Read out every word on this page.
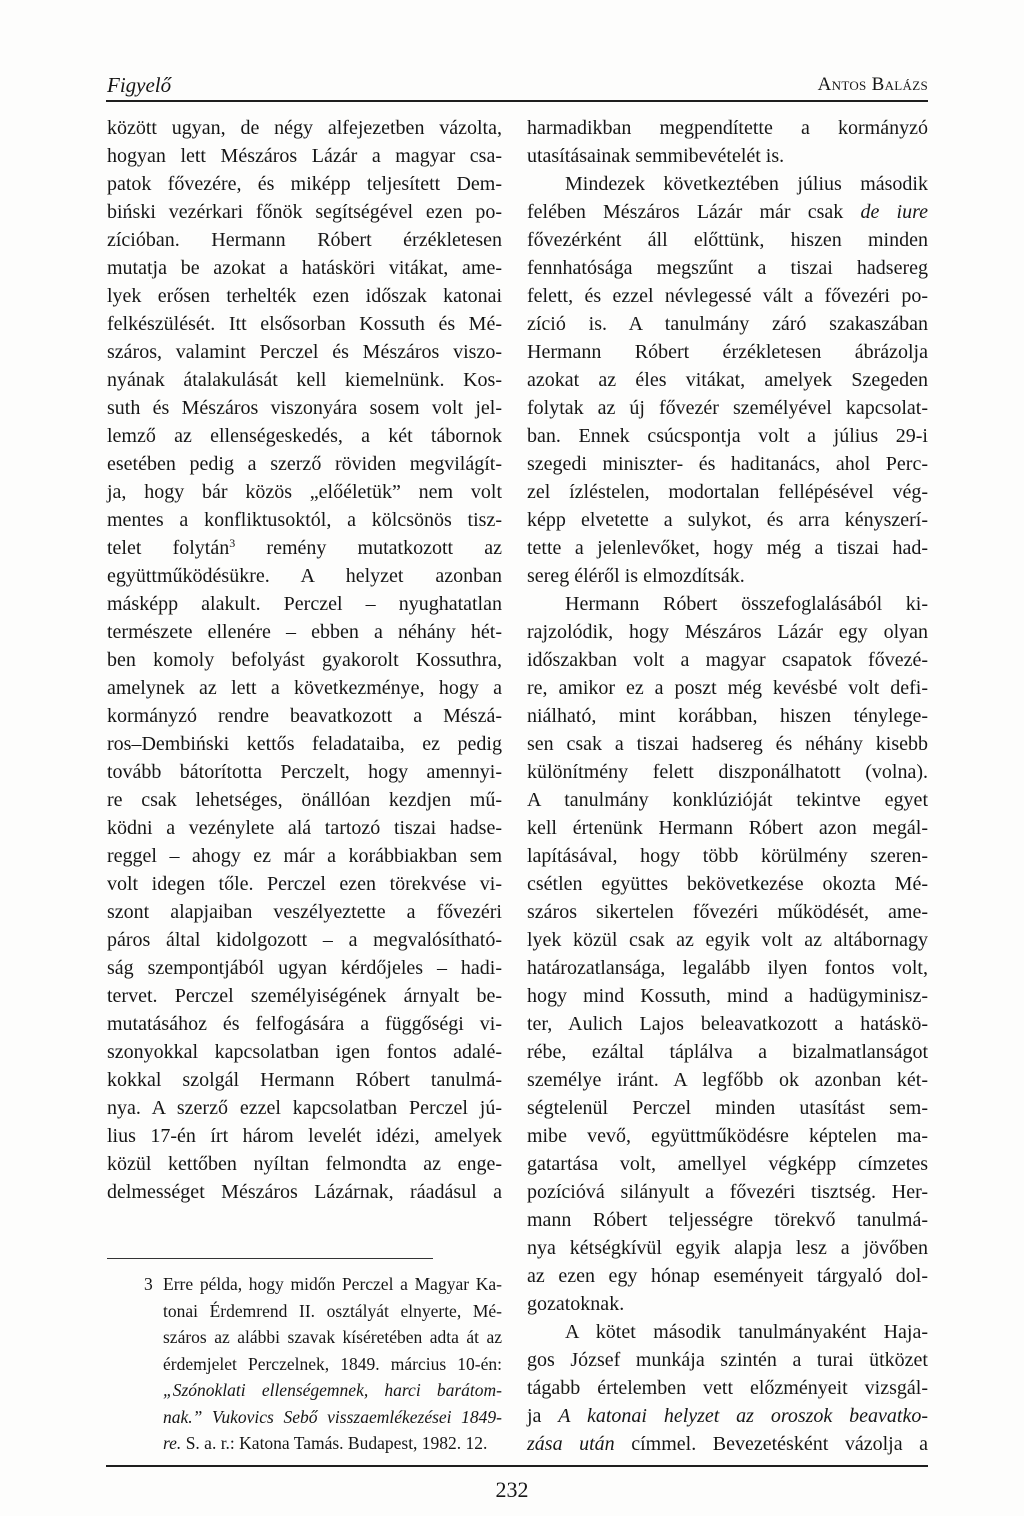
Figyelő	Antos Balázs
között ugyan, de négy alfejezetben vázolta,
hogyan lett Mészáros Lázár a magyar csa-
patok fővezére, és miképp teljesített Dem-
biński vezérkari főnök segítségével ezen po-
zícióban. Hermann Róbert érzékletesen
mutatja be azokat a hatásköri vitákat, ame-
lyek erősen terhelték ezen időszak katonai
felkészülését. Itt elsősorban Kossuth és Mé-
száros, valamint Perczel és Mészáros viszo-
nyának átalakulását kell kiemelnünk. Kos-
suth és Mészáros viszonyára sosem volt jel-
lemző az ellenségeskedés, a két tábornok
esetében pedig a szerző röviden megvilágít-
ja, hogy bár közös „előéletük” nem volt
mentes a konfliktusoktól, a kölcsönös tisz-
telet folytán$^3$ remény mutatkozott az
együttműködésükre. A helyzet azonban
másképp alakult. Perczel – nyughatatlan
természete ellenére – ebben a néhány hét-
ben komoly befolyást gyakorolt Kossuthra,
amelynek az lett a következménye, hogy a
kormányzó rendre beavatkozott a Mészá-
ros–Dembiński kettős feladataiba, ez pedig
tovább bátorította Perczelt, hogy amennyi-
re csak lehetséges, önállóan kezdjen mű-
ködni a vezénylete alá tartozó tiszai hadse-
reggel – ahogy ez már a korábbiakban sem
volt idegen tőle. Perczel ezen törekvése vi-
szont alapjaiban veszélyeztette a fővezéri
páros által kidolgozott – a megvalósítható-
ság szempontjából ugyan kérdőjeles – hadi-
tervet. Perczel személyiségének árnyalt be-
mutatásához és felfogására a függőségi vi-
szonyokkal kapcsolatban igen fontos adalé-
kokkal szolgál Hermann Róbert tanulmá-
nya. A szerző ezzel kapcsolatban Perczel jú-
lius 17-én írt három levelét idézi, amelyek
közül kettőben nyíltan felmondta az enge-
delmességet Mészáros Lázárnak, ráadásul a
3 Erre példa, hogy midőn Perczel a Magyar Ka-
tonai Érdemrend II. osztályát elnyerte, Mé-
száros az alábbi szavak kíséretében adta át az
érdemjelet Perczelnek, 1849. március 10-én:
„Szónoklati ellenségemnek, harci barátom-
nak.” Vukovics Sebő visszaemlékezései 1849-
re. S. a. r.: Katona Tamás. Budapest, 1982. 12.
harmadikban megpendítette a kormányzó
utasításainak semmibevételét is.
Mindezek következtében július második
felében Mészáros Lázár már csak de iure
fővezérként áll előttünk, hiszen minden
fennhatósága megszűnt a tiszai hadsereg
felett, és ezzel névlegessé vált a fővezéri po-
zíció is. A tanulmány záró szakaszában
Hermann Róbert érzékletesen ábrázolja
azokat az éles vitákat, amelyek Szegeden
folytak az új fővezér személyével kapcsolat-
ban. Ennek csúcspontja volt a július 29-i
szegedi miniszter- és haditanács, ahol Perc-
zel ízléstelen, modortalan fellépésével vég-
képp elvetette a sulykot, és arra kényszerí-
tette a jelenlevőket, hogy még a tiszai had-
sereg éléről is elmozdítsák.
Hermann Róbert összefoglalásából ki-
rajzolódik, hogy Mészáros Lázár egy olyan
időszakban volt a magyar csapatok fővezé-
re, amikor ez a poszt még kevésbé volt defi-
niálható, mint korábban, hiszen ténylege-
sen csak a tiszai hadsereg és néhány kisebb
különítmény felett diszponálhatott (volna).
A tanulmány konklúzióját tekintve egyet
kell értenünk Hermann Róbert azon megál-
lapításával, hogy több körülmény szeren-
csétlen együttes bekövetkezése okozta Mé-
száros sikertelen fővezéri működését, ame-
lyek közül csak az egyik volt az altábornagy
határozatlansága, legalább ilyen fontos volt,
hogy mind Kossuth, mind a hadügyminisz-
ter, Aulich Lajos beleavatkozott a hatáskö-
rébe, ezáltal táplálva a bizalmatlanságot
személye iránt. A legfőbb ok azonban két-
ségtelenül Perczel minden utasítást sem-
mibe vevő, együttműködésre képtelen ma-
gatartása volt, amellyel végképp címzetes
pozícióvá silányult a fővezéri tisztség. Her-
mann Róbert teljességre törekvő tanulmá-
nya kétségkívül egyik alapja lesz a jövőben
az ezen egy hónap eseményeit tárgyaló dol-
gozatoknak.
A kötet második tanulmányaként Haja-
gos József munkája szintén a turai ütközet
tágabb értelemben vett előzményeit vizsgál-
ja A katonai helyzet az oroszok beavatko-
zása után címmel. Bevezetésként vázolja a
232
